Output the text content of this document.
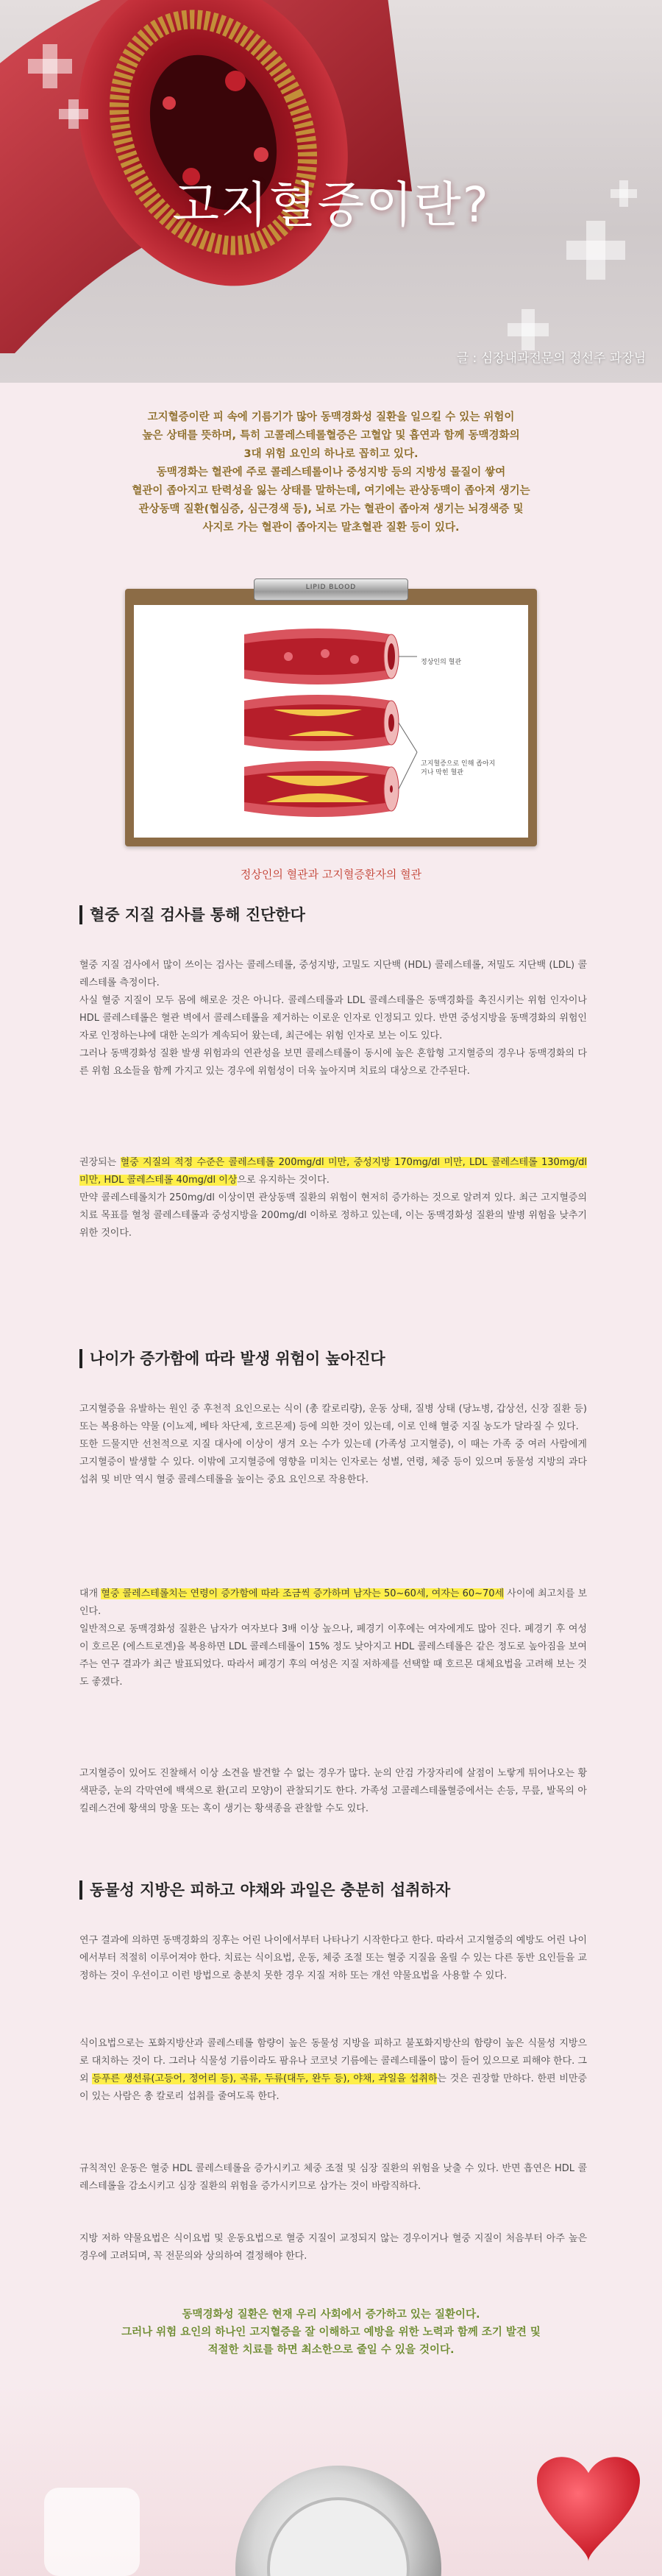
고지혈증이란?
글 : 심장내과전문의 정선주 과장님

고지혈증이란 피 속에 기름기가 많아 동맥경화성 질환을 일으킬 수 있는 위험이

높은 상태를 뜻하며, 특히 고콜레스테롤혈증은 고혈압 및 흡연과 함께 동맥경화의

3대 위험 요인의 하나로 꼽히고 있다.

동맥경화는 혈관에 주로 콜레스테롤이나 중성지방 등의 지방성 물질이 쌓여

혈관이 좁아지고 탄력성을 잃는 상태를 말하는데, 여기에는 관상동맥이 좁아져 생기는

관상동맥 질환(협심증, 심근경색 등), 뇌로 가는 혈관이 좁아져 생기는 뇌경색증 및

사지로 가는 혈관이 좁아지는 말초혈관 질환 등이 있다.

LIPID BLOOD
정상인의 혈관
고지혈증으로 인해 좁아지거나 막힌 혈관
정상인의 혈관과 고지혈증환자의 혈관
혈중 지질 검사를 통해 진단한다

혈중 지질 검사에서 많이 쓰이는 검사는 콜레스테롤, 중성지방, 고밀도 지단백 (HDL) 콜레스테롤, 저밀도 지단백 (LDL) 콜레스테롤 측정이다.

사실 혈중 지질이 모두 몸에 해로운 것은 아니다. 콜레스테롤과 LDL 콜레스테롤은 동맥경화를 촉진시키는 위험 인자이나 HDL 콜레스테롤은 혈관 벽에서 콜레스테롤을 제거하는 이로운 인자로 인정되고 있다. 반면 중성지방을 동맥경화의 위험인자로 인정하는냐에 대한 논의가 계속되어 왔는데, 최근에는 위험 인자로 보는 이도 있다.

그러나 동맥경화성 질환 발생 위험과의 연관성을 보면 콜레스테롤이 동시에 높은 혼합형 고지혈증의 경우나 동맥경화의 다른 위험 요소들을 함께 가지고 있는 경우에 위험성이 더욱 높아지며 치료의 대상으로 간주된다.

권장되는 혈중 지질의 적정 수준은 콜레스테롤 200mg/dl 미만, 중성지방 170mg/dl 미만, LDL 콜레스테롤 130mg/dl 미만, HDL 콜레스테롤 40mg/dl 이상으로 유지하는 것이다.

만약 콜레스테롤치가 250mg/dl 이상이면 관상동맥 질환의 위험이 현저히 증가하는 것으로 알려져 있다. 최근 고지혈증의 치료 목표를 혈청 콜레스테롤과 중성지방을 200mg/dl 이하로 정하고 있는데, 이는 동맥경화성 질환의 발병 위험을 낮추기 위한 것이다.

나이가 증가함에 따라 발생 위험이 높아진다

고지혈증을 유발하는 원인 중 후천적 요인으로는 식이 (총 칼로리량), 운동 상태, 질병 상태 (당뇨병, 갑상선, 신장 질환 등) 또는 복용하는 약물 (이뇨제, 베타 차단제, 호르몬제) 등에 의한 것이 있는데, 이로 인해 혈중 지질 농도가 달라질 수 있다.

또한 드물지만 선천적으로 지질 대사에 이상이 생겨 오는 수가 있는데 (가족성 고지혈증), 이 때는 가족 중 여러 사람에게 고지혈증이 발생할 수 있다. 이밖에 고지혈증에 영향을 미치는 인자로는 성별, 연령, 체중 등이 있으며 동물성 지방의 과다 섭취 및 비만 역시 혈중 콜레스테롤을 높이는 중요 요인으로 작용한다.

대개 혈중 콜레스테롤치는 연령이 증가함에 따라 조금씩 증가하며 남자는 50~60세, 여자는 60~70세 사이에 최고치를 보인다.

일반적으로 동맥경화성 질환은 남자가 여자보다 3배 이상 높으나, 폐경기 이후에는 여자에게도 많아 진다. 폐경기 후 여성이 호르몬 (에스트로겐)을 복용하면 LDL 콜레스테롤이 15% 정도 낮아지고 HDL 콜레스테롤은 같은 정도로 높아짐을 보여 주는 연구 결과가 최근 발표되었다. 따라서 폐경기 후의 여성은 지질 저하제를 선택할 때 호르몬 대체요법을 고려해 보는 것도 좋겠다.

고지혈증이 있어도 진찰해서 이상 소견을 발견할 수 없는 경우가 많다. 눈의 안검 가장자리에 살점이 노랗게 튀어나오는 황색판증, 눈의 각막연에 백색으로 환(고리 모양)이 관찰되기도 한다. 가족성 고콜레스테롤혈증에서는 손등, 무릎, 발목의 아킬레스건에 황색의 망울 또는 혹이 생기는 황색종을 관찰할 수도 있다.

동물성 지방은 피하고 야채와 과일은 충분히 섭취하자

연구 결과에 의하면 동맥경화의 징후는 어린 나이에서부터 나타나기 시작한다고 한다. 따라서 고지혈증의 예방도 어린 나이에서부터 적절히 이루어져야 한다. 치료는 식이요법, 운동, 체중 조절 또는 혈중 지질을 올릴 수 있는 다른 동반 요인들을 교정하는 것이 우선이고 이런 방법으로 충분치 못한 경우 지질 저하 또는 개선 약물요법을 사용할 수 있다.

식이요법으로는 포화지방산과 콜레스테롤 함량이 높은 동물성 지방을 피하고 불포화지방산의 함량이 높은 식물성 지방으로 대치하는 것이 다. 그러나 식물성 기름이라도 팜유나 코코넛 기름에는 콜레스테롤이 많이 들어 있으므로 피해야 한다. 그외 등푸른 생선류(고등어, 정어리 등), 곡류, 두류(대두, 완두 등), 야채, 과일을 섭취하는 것은 권장할 만하다. 한편 비만증이 있는 사람은 총 칼로리 섭취를 줄여도록 한다.

규칙적인 운동은 혈중 HDL 콜레스테롤을 증가시키고 체중 조절 및 심장 질환의 위험을 낮출 수 있다. 반면 흡연은 HDL 콜레스테롤을 감소시키고 심장 질환의 위험을 증가시키므로 삼가는 것이 바람직하다.

지방 저하 약물요법은 식이요법 및 운동요법으로 혈중 지질이 교정되지 않는 경우이거나 혈중 지질이 처음부터 아주 높은 경우에 고려되며, 꼭 전문의와 상의하여 결정해야 한다.

동맥경화성 질환은 현재 우리 사회에서 증가하고 있는 질환이다.

그러나 위험 요인의 하나인 고지혈증을 잘 이해하고 예방을 위한 노력과 함께 조기 발견 및

적절한 치료를 하면 최소한으로 줄일 수 있을 것이다.
